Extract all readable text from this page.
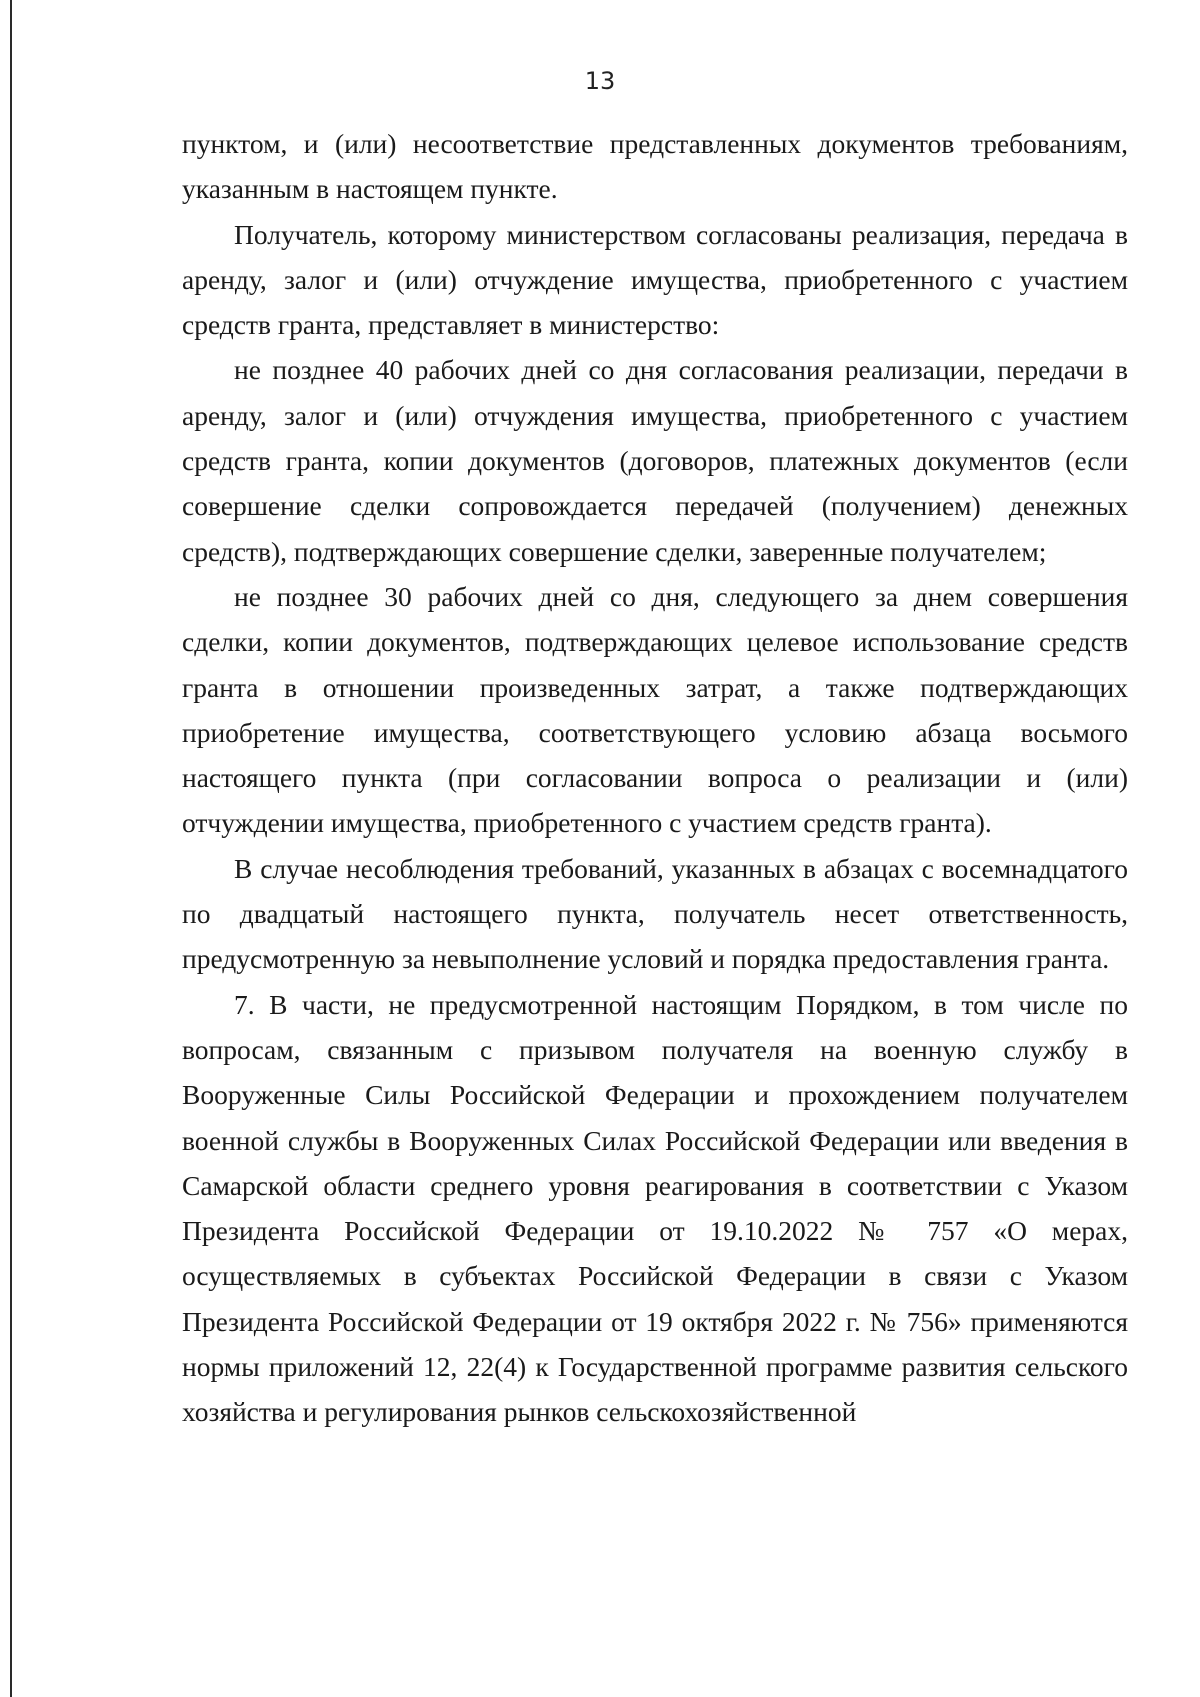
13

пунктом, и (или) несоответствие представленных документов требованиям, указанным в настоящем пункте.

Получатель, которому министерством согласованы реализация, передача в аренду, залог и (или) отчуждение имущества, приобретенного с участием средств гранта, представляет в министерство:

не позднее 40 рабочих дней со дня согласования реализации, передачи в аренду, залог и (или) отчуждения имущества, приобретенного с участием средств гранта, копии документов (договоров, платежных документов (если совершение сделки сопровождается передачей (получением) денежных средств), подтверждающих совершение сделки, заверенные получателем;

не позднее 30 рабочих дней со дня, следующего за днем совершения сделки, копии документов, подтверждающих целевое использование средств гранта в отношении произведенных затрат, а также подтверждающих приобретение имущества, соответствующего условию абзаца восьмого настоящего пункта (при согласовании вопроса о реализации и (или) отчуждении имущества, приобретенного с участием средств гранта).

В случае несоблюдения требований, указанных в абзацах с восемнадцатого по двадцатый настоящего пункта, получатель несет ответственность, предусмотренную за невыполнение условий и порядка предоставления гранта.

7. В части, не предусмотренной настоящим Порядком, в том числе по вопросам, связанным с призывом получателя на военную службу в Вооруженные Силы Российской Федерации и прохождением получателем военной службы в Вооруженных Силах Российской Федерации или введения в Самарской области среднего уровня реагирования в соответствии с Указом Президента Российской Федерации от 19.10.2022 № 757 «О мерах, осуществляемых в субъектах Российской Федерации в связи с Указом Президента Российской Федерации от 19 октября 2022 г. № 756» применяются нормы приложений 12, 22(4) к Государственной программе развития сельского хозяйства и регулирования рынков сельскохозяйственной
